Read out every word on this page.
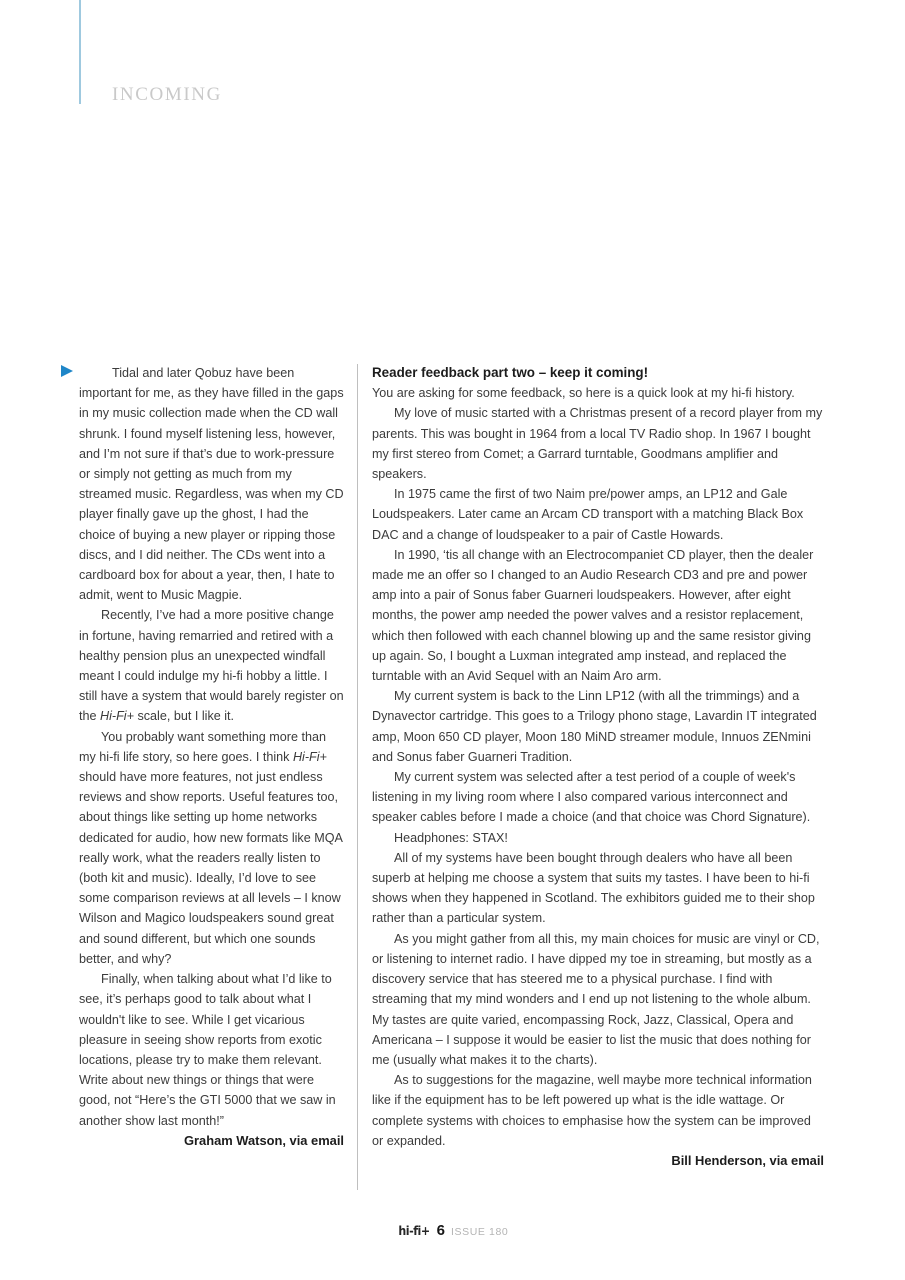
INCOMING

Tidal and later Qobuz have been important for me, as they have filled in the gaps in my music collection made when the CD wall shrunk. I found myself listening less, however, and I’m not sure if that’s due to work-pressure or simply not getting as much from my streamed music. Regardless, was when my CD player finally gave up the ghost, I had the choice of buying a new player or ripping those discs, and I did neither. The CDs went into a cardboard box for about a year, then, I hate to admit, went to Music Magpie.

Recently, I’ve had a more positive change in fortune, having remarried and retired with a healthy pension plus an unexpected windfall meant I could indulge my hi-fi hobby a little. I still have a system that would barely register on the Hi-Fi+ scale, but I like it.

You probably want something more than my hi-fi life story, so here goes. I think Hi-Fi+ should have more features, not just endless reviews and show reports. Useful features too, about things like setting up home networks dedicated for audio, how new formats like MQA really work, what the readers really listen to (both kit and music). Ideally, I’d love to see some comparison reviews at all levels – I know Wilson and Magico loudspeakers sound great and sound different, but which one sounds better, and why?

Finally, when talking about what I’d like to see, it’s perhaps good to talk about what I wouldn't like to see. While I get vicarious pleasure in seeing show reports from exotic locations, please try to make them relevant. Write about new things or things that were good, not “Here’s the GTI 5000 that we saw in another show last month!”

Graham Watson, via email

Reader feedback part two – keep it coming!

You are asking for some feedback, so here is a quick look at my hi-fi history.

My love of music started with a Christmas present of a record player from my parents. This was bought in 1964 from a local TV Radio shop. In 1967 I bought my first stereo from Comet; a Garrard turntable, Goodmans amplifier and speakers.

In 1975 came the first of two Naim pre/power amps, an LP12 and Gale Loudspeakers. Later came an Arcam CD transport with a matching Black Box DAC and a change of loudspeaker to a pair of Castle Howards.

In 1990, ‘tis all change with an Electrocompaniet CD player, then the dealer made me an offer so I changed to an Audio Research CD3 and pre and power amp into a pair of Sonus faber Guarneri loudspeakers. However, after eight months, the power amp needed the power valves and a resistor replacement, which then followed with each channel blowing up and the same resistor giving up again. So, I bought a Luxman integrated amp instead, and replaced the turntable with an Avid Sequel with an Naim Aro arm.

My current system is back to the Linn LP12 (with all the trimmings) and a Dynavector cartridge. This goes to a Trilogy phono stage, Lavardin IT integrated amp, Moon 650 CD player, Moon 180 MiND streamer module, Innuos ZENmini and Sonus faber Guarneri Tradition.

My current system was selected after a test period of a couple of week's listening in my living room where I also compared various interconnect and speaker cables before I made a choice (and that choice was Chord Signature).

Headphones: STAX!

All of my systems have been bought through dealers who have all been superb at helping me choose a system that suits my tastes. I have been to hi-fi shows when they happened in Scotland. The exhibitors guided me to their shop rather than a particular system.

As you might gather from all this, my main choices for music are vinyl or CD, or listening to internet radio. I have dipped my toe in streaming, but mostly as a discovery service that has steered me to a physical purchase. I find with streaming that my mind wonders and I end up not listening to the whole album. My tastes are quite varied, encompassing Rock, Jazz, Classical, Opera and Americana – I suppose it would be easier to list the music that does nothing for me (usually what makes it to the charts).

As to suggestions for the magazine, well maybe more technical information like if the equipment has to be left powered up what is the idle wattage. Or complete systems with choices to emphasise how the system can be improved or expanded.

Bill Henderson, via email

hi-fi+ 6 ISSUE 180
